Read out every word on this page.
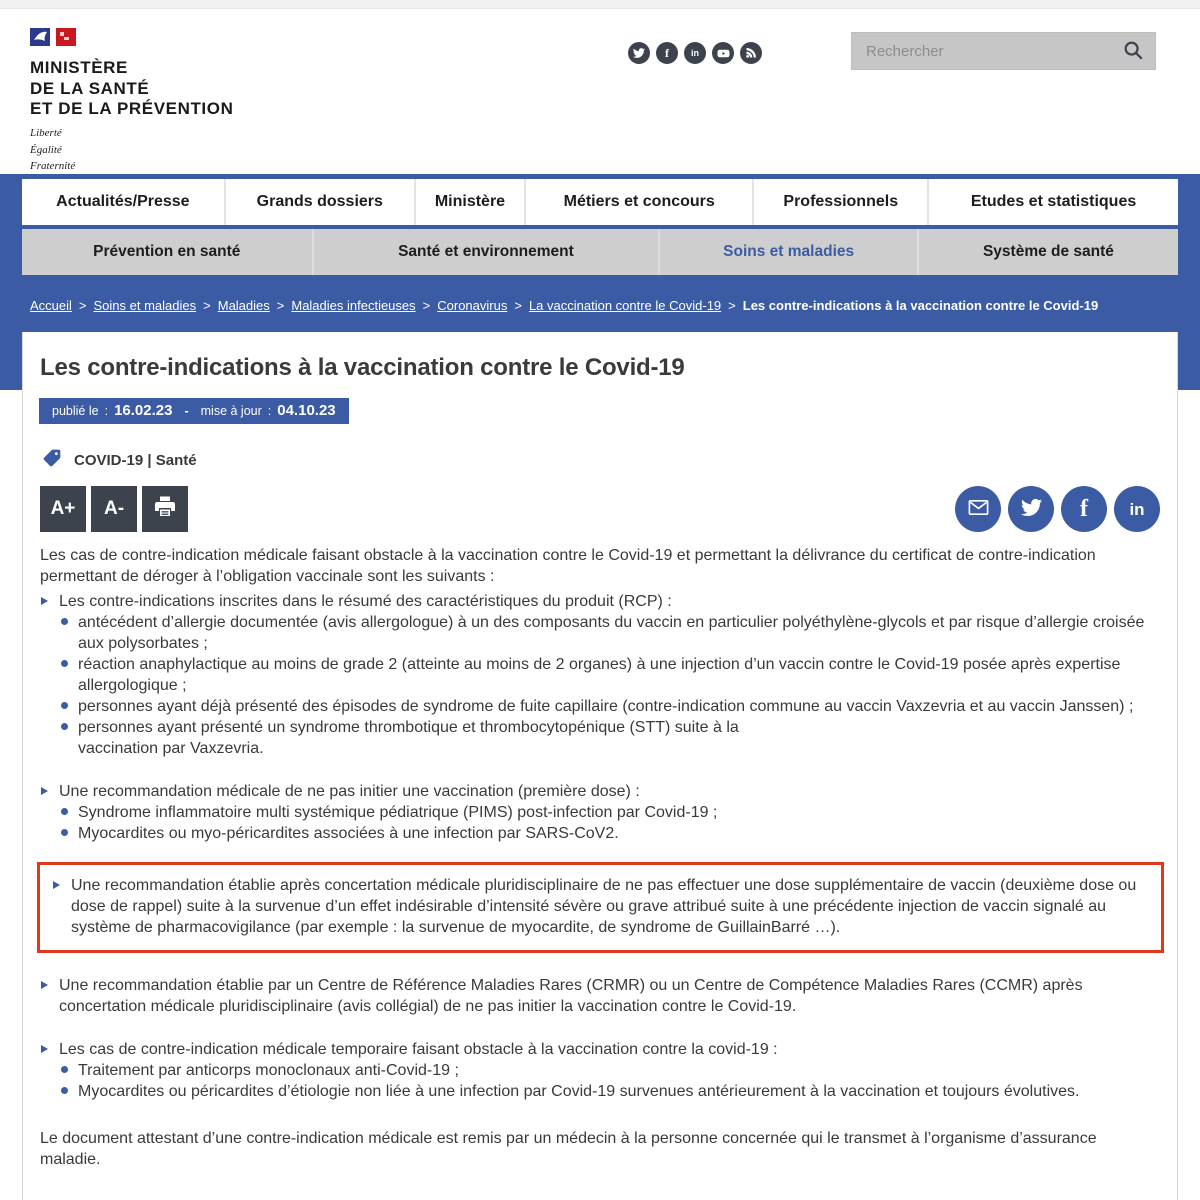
MINISTÈRE
DE LA SANTÉ
ET DE LA PRÉVENTION
Liberté
Égalité
Fraternité
f in
Rechercher
Actualités/Presse	Grands dossiers	Ministère	Métiers et concours	Professionnels	Etudes et statistiques
Prévention en santé	Santé et environnement	Soins et maladies	Système de santé
Accueil > Soins et maladies > Maladies > Maladies infectieuses > Coronavirus > La vaccination contre le Covid-19 > Les contre-indications à la vaccination contre le Covid-19
Les contre-indications à la vaccination contre le Covid-19
publié le : 16.02.23 - mise à jour : 04.10.23
COVID-19 | Santé
A+	A-	f in

Les cas de contre-indication médicale faisant obstacle à la vaccination contre le Covid-19 et permettant la délivrance du certificat de contre-indication permettant de déroger à l’obligation vaccinale sont les suivants :

Les contre-indications inscrites dans le résumé des caractéristiques du produit (RCP) :
antécédent d’allergie documentée (avis allergologue) à un des composants du vaccin en particulier polyéthylène-glycols et par risque d’allergie croisée aux polysorbates ;
réaction anaphylactique au moins de grade 2 (atteinte au moins de 2 organes) à une injection d’un vaccin contre le Covid-19 posée après expertise allergologique ;
personnes ayant déjà présenté des épisodes de syndrome de fuite capillaire (contre-indication commune au vaccin Vaxzevria et au vaccin Janssen) ;
personnes ayant présenté un syndrome thrombotique et thrombocytopénique (STT) suite à la
vaccination par Vaxzevria.
Une recommandation médicale de ne pas initier une vaccination (première dose) :
Syndrome inflammatoire multi systémique pédiatrique (PIMS) post-infection par Covid-19 ;
Myocardites ou myo-péricardites associées à une infection par SARS-CoV2.
Une recommandation établie après concertation médicale pluridisciplinaire de ne pas effectuer une dose supplémentaire de vaccin (deuxième dose ou dose de rappel) suite à la survenue d’un effet indésirable d’intensité sévère ou grave attribué suite à une précédente injection de vaccin signalé au système de pharmacovigilance (par exemple : la survenue de myocardite, de syndrome de GuillainBarré …).
Une recommandation établie par un Centre de Référence Maladies Rares (CRMR) ou un Centre de Compétence Maladies Rares (CCMR) après concertation médicale pluridisciplinaire (avis collégial) de ne pas initier la vaccination contre le Covid-19.
Les cas de contre-indication médicale temporaire faisant obstacle à la vaccination contre la covid-19 :
Traitement par anticorps monoclonaux anti-Covid-19 ;
Myocardites ou péricardites d’étiologie non liée à une infection par Covid-19 survenues antérieurement à la vaccination et toujours évolutives.

Le document attestant d’une contre-indication médicale est remis par un médecin à la personne concernée qui le transmet à l’organisme d’assurance maladie.
